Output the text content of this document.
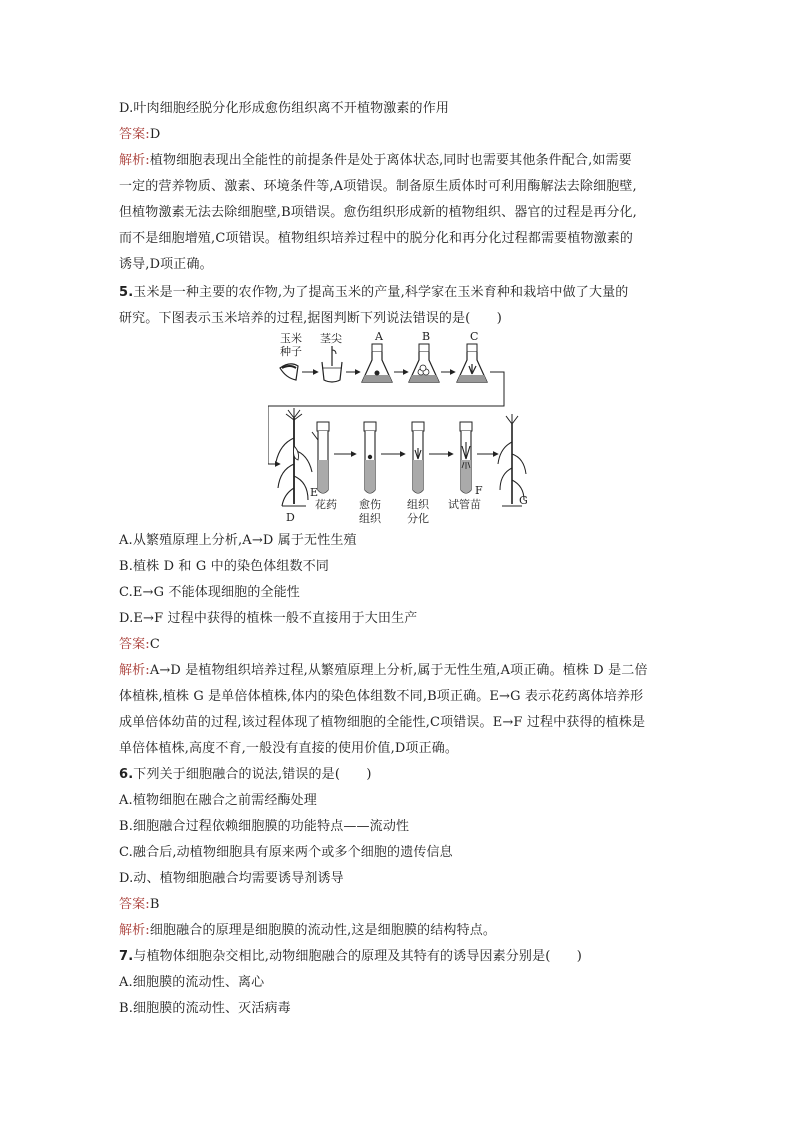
D.叶肉细胞经脱分化形成愈伤组织离不开植物激素的作用
答案:D
解析:植物细胞表现出全能性的前提条件是处于离体状态,同时也需要其他条件配合,如需要
一定的营养物质、激素、环境条件等,A项错误。制备原生质体时可利用酶解法去除细胞壁,
但植物激素无法去除细胞壁,B项错误。愈伤组织形成新的植物组织、器官的过程是再分化,
而不是细胞增殖,C项错误。植物组织培养过程中的脱分化和再分化过程都需要植物激素的
诱导,D项正确。
5.玉米是一种主要的农作物,为了提高玉米的产量,科学家在玉米育种和栽培中做了大量的
研究。下图表示玉米培养的过程,据图判断下列说法错误的是(　　)
玉米
种子
茎尖	A	B	C
D
E
花药 愈伤
组织
组织
分化
F
试管苗	G
A.从繁殖原理上分析,A→D 属于无性生殖
B.植株 D 和 G 中的染色体组数不同
C.E→G 不能体现细胞的全能性
D.E→F 过程中获得的植株一般不直接用于大田生产
答案:C
解析:A→D 是植物组织培养过程,从繁殖原理上分析,属于无性生殖,A项正确。植株 D 是二倍
体植株,植株 G 是单倍体植株,体内的染色体组数不同,B项正确。E→G 表示花药离体培养形
成单倍体幼苗的过程,该过程体现了植物细胞的全能性,C项错误。E→F 过程中获得的植株是
单倍体植株,高度不育,一般没有直接的使用价值,D项正确。
6.下列关于细胞融合的说法,错误的是(　　)
A.植物细胞在融合之前需经酶处理
B.细胞融合过程依赖细胞膜的功能特点——流动性
C.融合后,动植物细胞具有原来两个或多个细胞的遗传信息
D.动、植物细胞融合均需要诱导剂诱导
答案:B
解析:细胞融合的原理是细胞膜的流动性,这是细胞膜的结构特点。
7.与植物体细胞杂交相比,动物细胞融合的原理及其特有的诱导因素分别是(　　)
A.细胞膜的流动性、离心
B.细胞膜的流动性、灭活病毒
